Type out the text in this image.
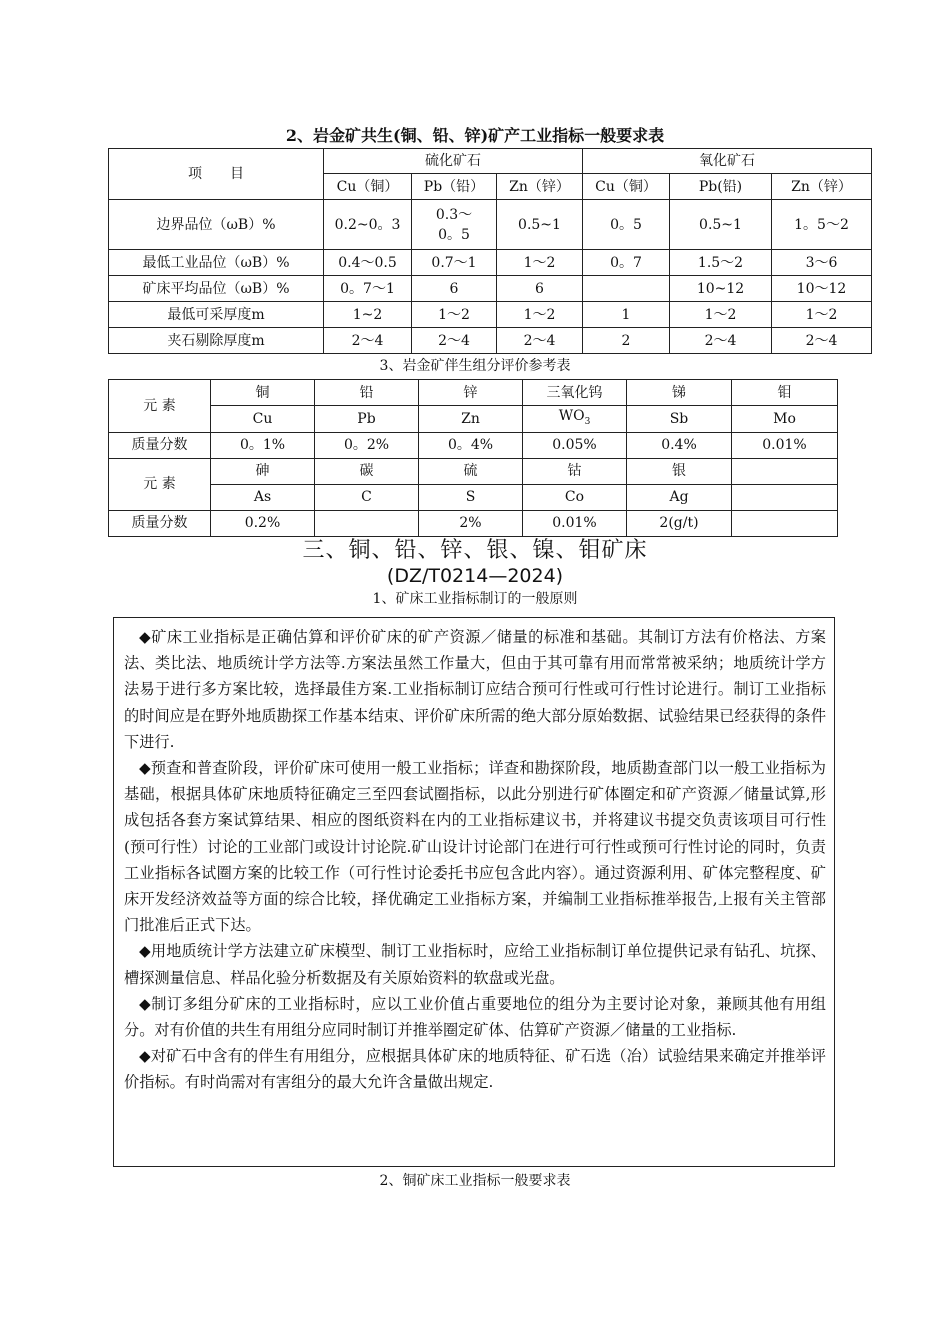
2、岩金矿共生(铜、铅、锌)矿产工业指标一般要求表
项　　目	硫化矿石			氧化矿石		
	Cu（铜）	Pb（铅）	Zn（锌）	Cu（铜）	Pb(铅)	Zn（锌）
边界品位（ωB）%	0.2~0。3	0.3～
0。5	0.5~1	0。5	0.5~1	1。5～2
最低工业品位（ωB）%	0.4～0.5	0.7～1	1～2	0。7	1.5～2	3～6
矿床平均品位（ωB）%	0。7～1	6	6		10~12	10～12
最低可采厚度m	1~2	1～2	1～2	1	1～2	1～2
夹石剔除厚度m	2～4	2～4	2～4	2	2～4	2～4
3、岩金矿伴生组分评价参考表
元 素	铜	铅	锌	三氧化钨	锑	钼
	Cu	Pb	Zn	$WO_3$	Sb	Mo
质量分数	0。1%	0。2%	0。4%	0.05%	0.4%	0.01%
元 素	砷	碳	硫	钴	银	
	As	C	S	Co	Ag	
质量分数	0.2%		2%	0.01%	2(g/t)	
三、铜、铅、锌、银、镍、钼矿床
(DZ/T0214—2024)
1、矿床工业指标制订的一般原则

◆矿床工业指标是正确估算和评价矿床的矿产资源／储量的标准和基础。其制订方法有价格法、方案法、类比法、地质统计学方法等.方案法虽然工作量大，但由于其可靠有用而常常被采纳；地质统计学方法易于进行多方案比较，选择最佳方案.工业指标制订应结合预可行性或可行性讨论进行。制订工业指标的时间应是在野外地质勘探工作基本结束、评价矿床所需的绝大部分原始数据、试验结果已经获得的条件下进行.

◆预查和普查阶段，评价矿床可使用一般工业指标；详查和勘探阶段，地质勘查部门以一般工业指标为基础，根据具体矿床地质特征确定三至四套试圈指标，以此分别进行矿体圈定和矿产资源／储量试算,形成包括各套方案试算结果、相应的图纸资料在内的工业指标建议书，并将建议书提交负责该项目可行性(预可行性）讨论的工业部门或设计讨论院.矿山设计讨论部门在进行可行性或预可行性讨论的同时，负责工业指标各试圈方案的比较工作（可行性讨论委托书应包含此内容）。通过资源利用、矿体完整程度、矿床开发经济效益等方面的综合比较，择优确定工业指标方案，并编制工业指标推举报告,上报有关主管部门批准后正式下达。

◆用地质统计学方法建立矿床模型、制订工业指标时，应给工业指标制订单位提供记录有钻孔、坑探、槽探测量信息、样品化验分析数据及有关原始资料的软盘或光盘。

◆制订多组分矿床的工业指标时，应以工业价值占重要地位的组分为主要讨论对象，兼顾其他有用组分。对有价值的共生有用组分应同时制订并推举圈定矿体、估算矿产资源／储量的工业指标.

◆对矿石中含有的伴生有用组分，应根据具体矿床的地质特征、矿石选（冶）试验结果来确定并推举评价指标。有时尚需对有害组分的最大允许含量做出规定.

2、铜矿床工业指标一般要求表
